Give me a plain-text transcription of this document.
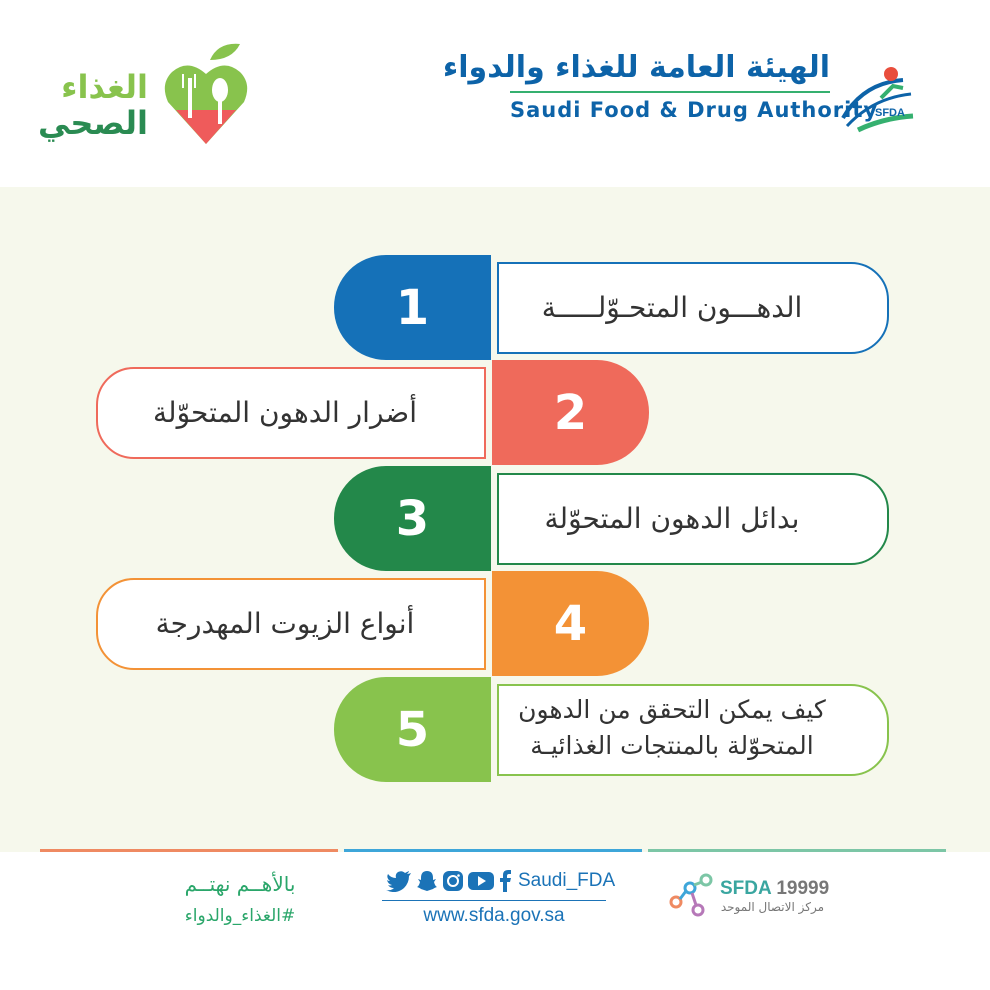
الهيئة العامة للغذاء والدواء
Saudi Food & Drug Authority
SFDA
الغذاء
الصحي
1	الدهـــون المتحـوّلـــــة
أضرار الدهون المتحوّلة	2
3	بدائل الدهون المتحوّلة
أنواع الزيوت المهدرجة	4
5	كيف يمكن التحقق من الدهون
المتحوّلة بالمنتجات الغذائيـة
بالأهــم نهتــم
#الغذاء_والدواء
Saudi_FDA
www.sfda.gov.sa
SFDA 19999
مركز الاتصال الموحد
